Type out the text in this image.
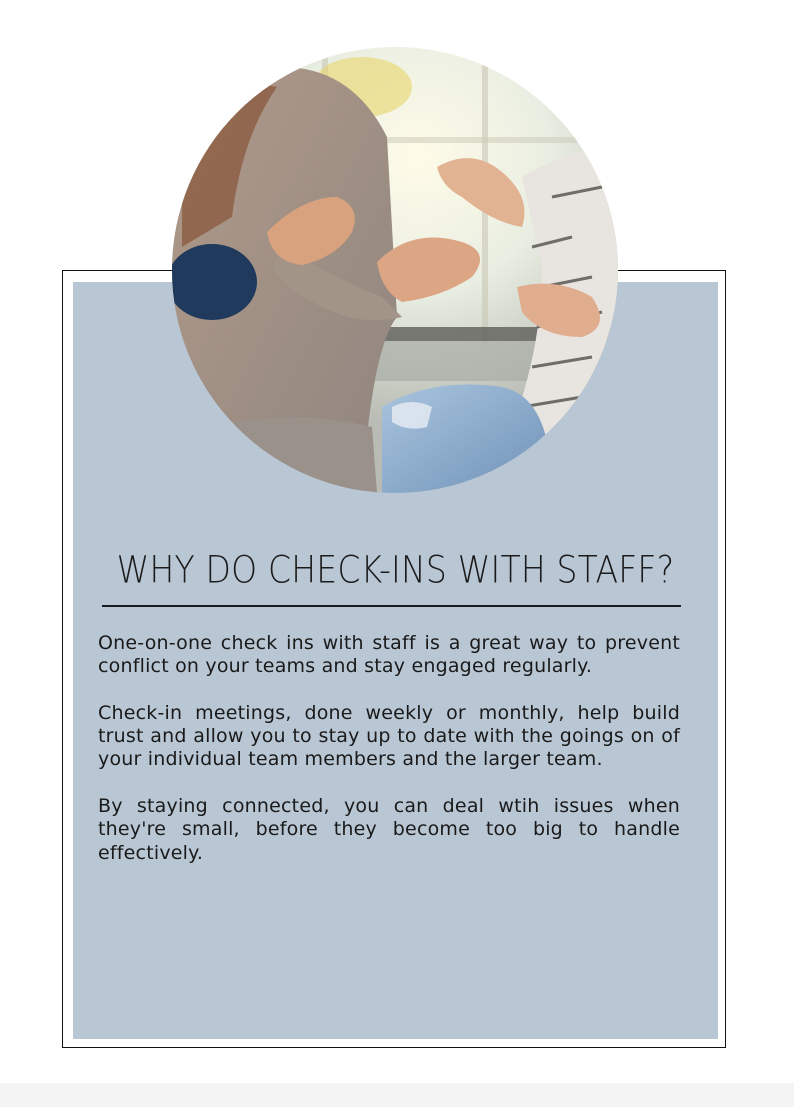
WHY DO CHECK-INS WITH STAFF?

One-on-one check ins with staff is a great way to prevent conflict on your teams and stay engaged regularly.

Check-in meetings, done weekly or monthly, help build trust and allow you to stay up to date with the goings on of your individual team members and the larger team.

By staying connected, you can deal wtih issues when they're small, before they become too big to handle effectively.
